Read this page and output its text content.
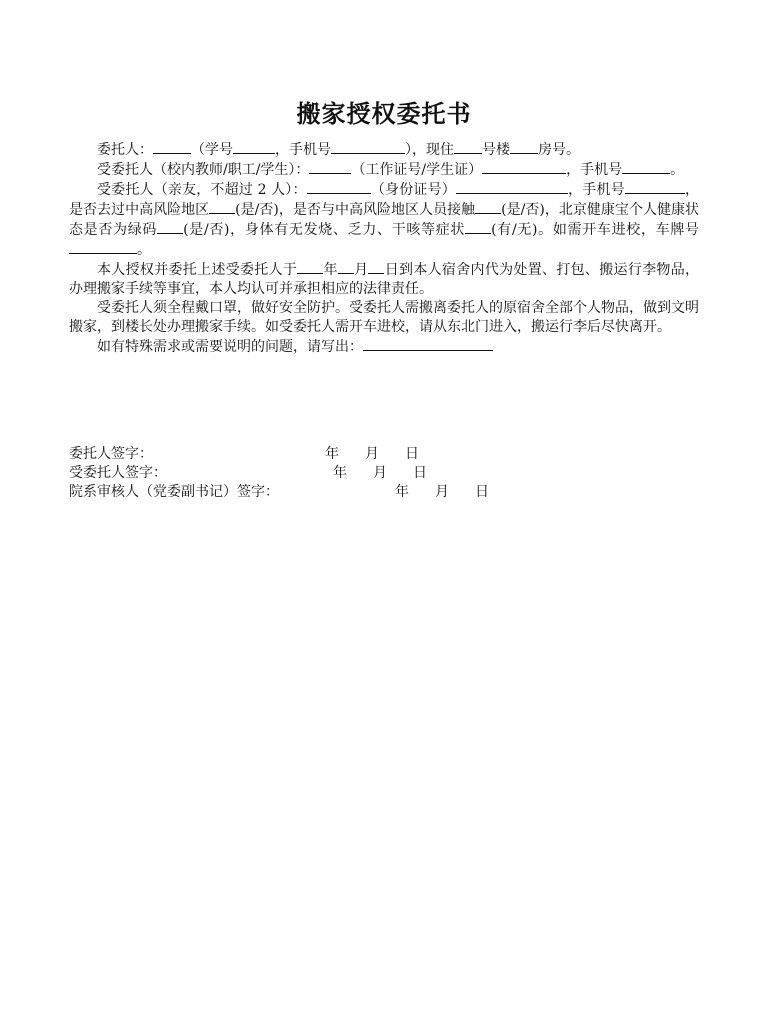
搬家授权委托书

委托人：	（学号	，手机号	），现住 号楼 房号。

受委托人（校内教师/职工/学生）：	（工作证号/学生证）	，手机号	。

受委托人（亲友，不超过 2 人）：	（身份证号）	，手机号	，是否去过中高风险地区 (是/否)，是否与中高风险地区人员接触 (是/否)，北京健康宝个人健康状态是否为绿码 (是/否)，身体有无发烧、乏力、干咳等症状 (有/无)。如需开车进校，车牌号。

本人授权并委托上述受委托人于 年 月 日到本人宿舍内代为处置、打包、搬运行李物品，办理搬家手续等事宜，本人均认可并承担相应的法律责任。

受委托人须全程戴口罩，做好安全防护。受委托人需搬离委托人的原宿舍全部个人物品，做到文明搬家，到楼长处办理搬家手续。如受委托人需开车进校，请从东北门进入，搬运行李后尽快离开。

如有特殊需求或需要说明的问题，请写出：

委托人签字：	年 月 日
受委托人签字：	年 月 日
院系审核人（党委副书记）签字：	年 月 日
